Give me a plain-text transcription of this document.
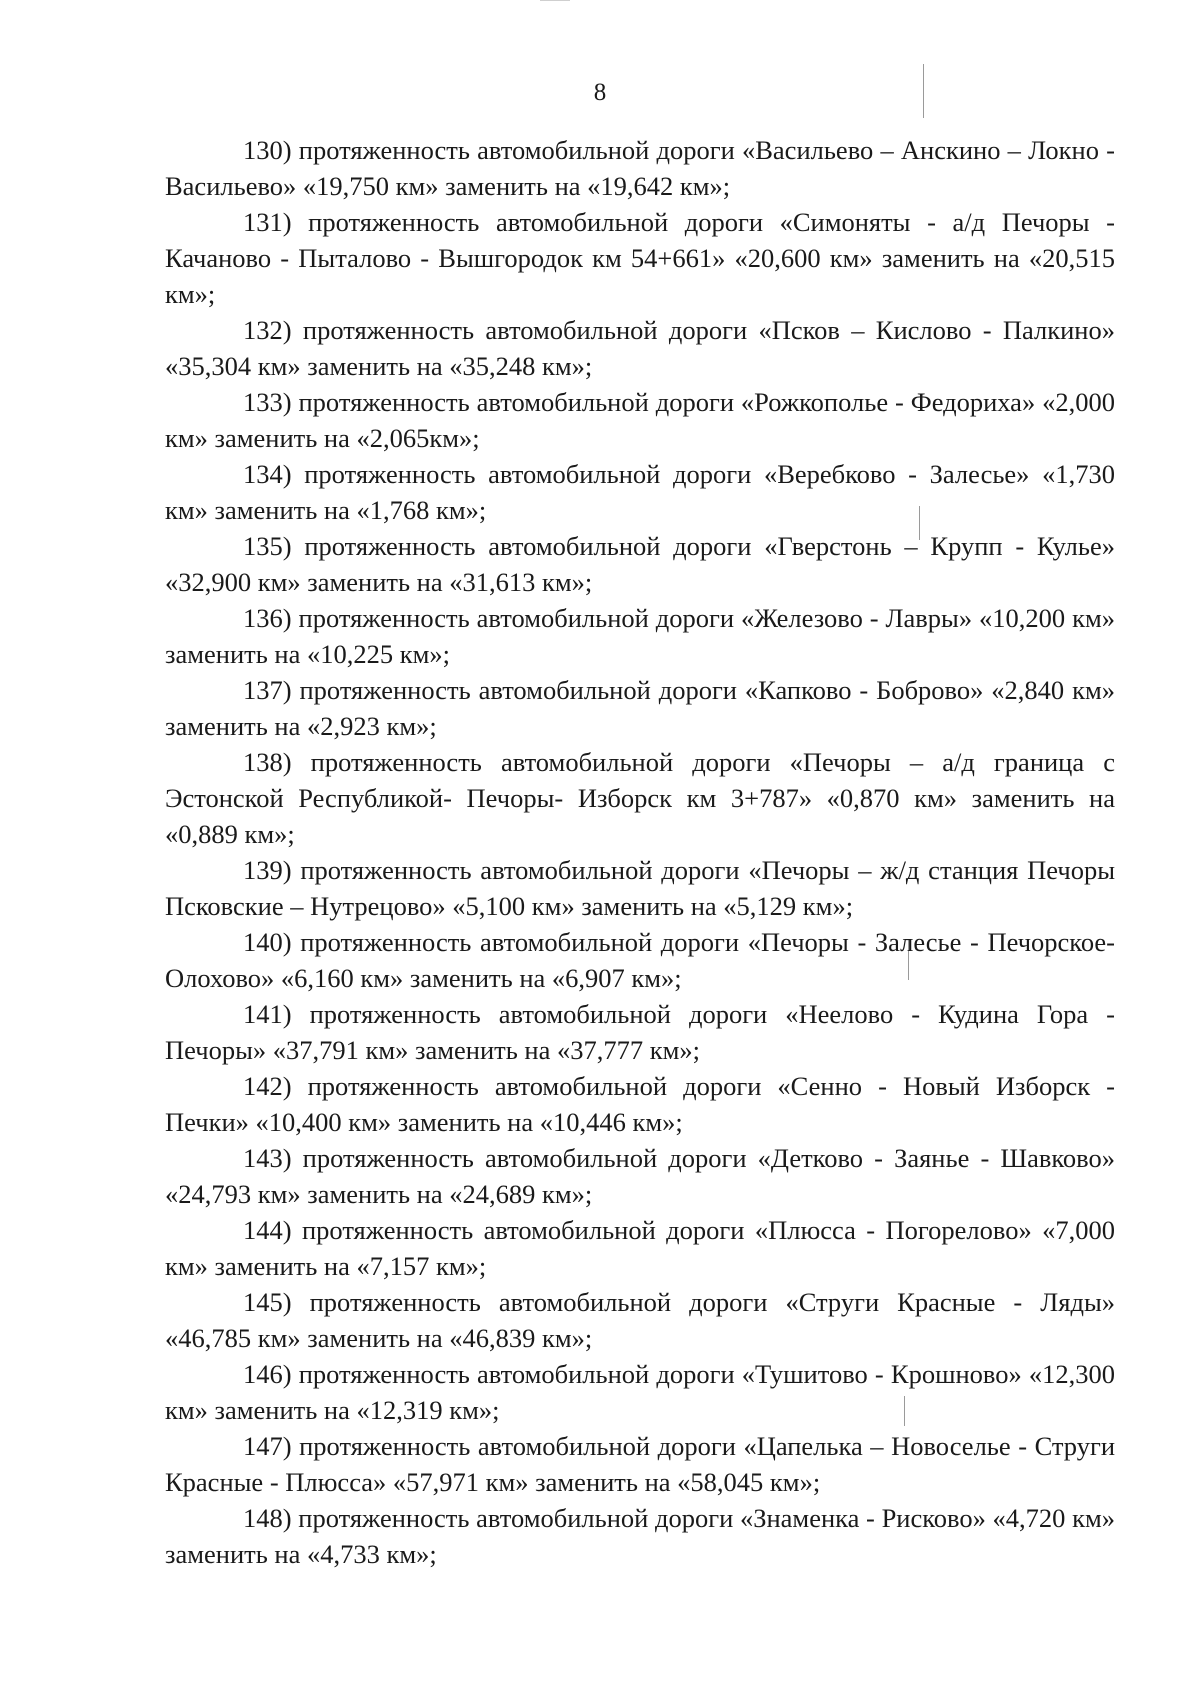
8

130) протяженность автомобильной дороги «Васильево – Анскино – Локно - Васильево» «19,750 км» заменить на «19,642 км»;

131) протяженность автомобильной дороги «Симоняты - а/д Печоры - Качаново - Пыталово - Вышгородок км 54+661» «20,600 км» заменить на «20,515 км»;

132) протяженность автомобильной дороги «Псков – Кислово - Палкино» «35,304 км» заменить на «35,248 км»;

133) протяженность автомобильной дороги «Рожкополье - Федориха» «2,000 км» заменить на «2,065км»;

134) протяженность автомобильной дороги «Веребково - Залесье» «1,730 км» заменить на «1,768 км»;

135) протяженность автомобильной дороги «Гверстонь – Крупп - Кулье» «32,900 км» заменить на «31,613 км»;

136) протяженность автомобильной дороги «Железово - Лавры» «10,200 км» заменить на «10,225 км»;

137) протяженность автомобильной дороги «Капково - Боброво» «2,840 км» заменить на «2,923 км»;

138) протяженность автомобильной дороги «Печоры – а/д граница с Эстонской Республикой- Печоры- Изборск км 3+787» «0,870 км» заменить на «0,889 км»;

139) протяженность автомобильной дороги «Печоры – ж/д станция Печоры Псковские – Нутрецово» «5,100 км» заменить на «5,129 км»;

140) протяженность автомобильной дороги «Печоры - Залесье - Печорское-Олохово» «6,160 км» заменить на «6,907 км»;

141) протяженность автомобильной дороги «Неелово - Кудина Гора - Печоры» «37,791 км» заменить на «37,777 км»;

142) протяженность автомобильной дороги «Сенно - Новый Изборск - Печки» «10,400 км» заменить на «10,446 км»;

143) протяженность автомобильной дороги «Детково - Заянье - Шавково» «24,793 км» заменить на «24,689 км»;

144) протяженность автомобильной дороги «Плюсса - Погорелово» «7,000 км» заменить на «7,157 км»;

145) протяженность автомобильной дороги «Струги Красные - Ляды» «46,785 км» заменить на «46,839 км»;

146) протяженность автомобильной дороги «Тушитово - Крошново» «12,300 км» заменить на «12,319 км»;

147) протяженность автомобильной дороги «Цапелька – Новоселье - Струги Красные - Плюсса» «57,971 км» заменить на «58,045 км»;

148) протяженность автомобильной дороги «Знаменка - Рисково» «4,720 км» заменить на «4,733 км»;
